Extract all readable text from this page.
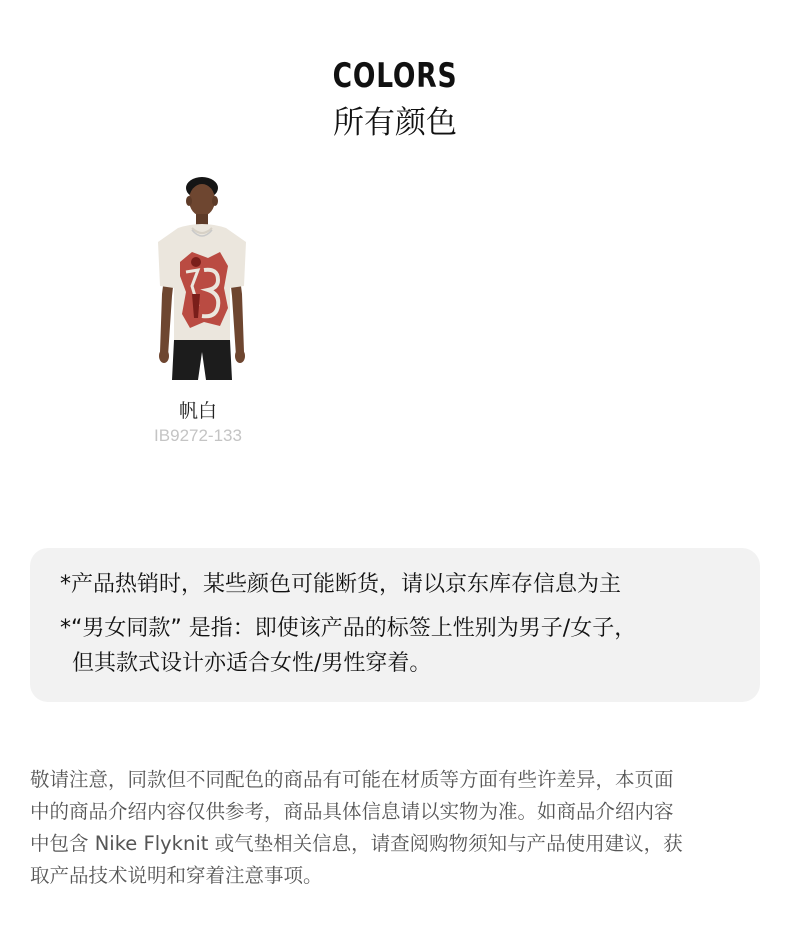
COLORS
所有颜色
帆白
IB9272-133
*产品热销时，某些颜色可能断货，请以京东库存信息为主
*“男女同款” 是指：即使该产品的标签上性别为男子/女子，
但其款式设计亦适合女性/男性穿着。
敬请注意，同款但不同配色的商品有可能在材质等方面有些许差异，本页面
中的商品介绍内容仅供参考，商品具体信息请以实物为准。如商品介绍内容
中包含 Nike Flyknit 或气垫相关信息，请查阅购物须知与产品使用建议，获
取产品技术说明和穿着注意事项。
